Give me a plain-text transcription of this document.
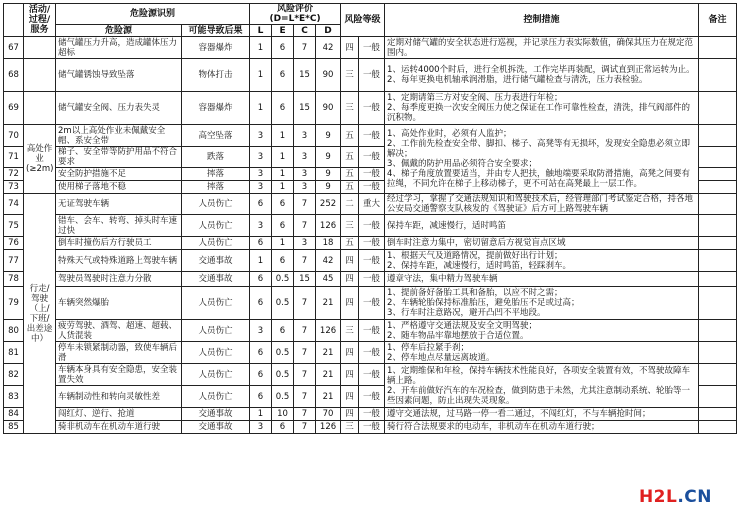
	活动/过程/服务	危险源识别		风险评价(D=L*E*C)				风险等级		控制措施	备注
		危险源	可能导致后果	L	E	C	D				
67		储气罐压力升高，造成罐体压力超标	容器爆炸	1	6	7	42	四	一般	定期对储气罐的安全状态进行巡视，并记录压力表实际数值，确保其压力在规定范围内。	
68		储气罐锈蚀导致坠落	物体打击	1	6	15	90	三	一般	1、运转4000个时后，进行全机拆洗，工作完毕再装配，调试直到正常运转为止。
2、每年更换电机轴承润滑脂，进行储气罐检查与清洗，压力表检验。	
69		储气罐安全阀、压力表失灵	容器爆炸	1	6	15	90	三	一般	1、定期请第三方对安全阀、压力表进行年检；
2、每季度更换一次安全阀压力使之保证在工作可靠性检查，清洗，排气阀部件的沉积物。	
70	高处作业(≥2m)	2m以上高处作业未佩戴安全帽、系安全带	高空坠落	3	1	3	9	五	一般	1、高处作业时，必须有人监护；
2、工作前先检查安全带、脚扣、梯子、高凳等有无损坏，发现安全隐患必须立即解决；
3、佩戴的防护用品必须符合安全要求；
4、梯子角度放置要适当，并由专人把扶，触地端要采取防滑措施，高凳之间要有拉绳，不同允许在梯子上移动梯子，更不可站在高凳最上一层工作。	
71		梯子、安全带等防护用品不符合要求	跌落	3	1	3	9	五	一般		
72		安全防护措施不足	摔落	3	1	3	9	五	一般		
73		使用梯子落地不稳	摔落	3	1	3	9	五	一般		
74	行走/驾驶（上/下班/出差途中）	无证驾驶车辆	人员伤亡	6	6	7	252	二	重大	经过学习，掌握了交通法规知识和驾驶技术后，经管理部门考试鉴定合格，持各地公安局交通警察支队核发的《驾驶证》后方可上路驾驶车辆	
75		错车、会车、转弯、掉头时车速过快	人员伤亡	3	6	7	126	三	一般	保持车距，减速慢行，适时鸣笛	
76		倒车时撞伤后方行驶员工	人员伤亡	6	1	3	18	五	一般	倒车时注意力集中，密切留意后方视觉盲点区域	
77		特殊天气或特殊道路上驾驶车辆	交通事故	1	6	7	42	四	一般	1、根据天气及道路情况，提前做好出行计划；
2、保持车距，减速慢行，适时鸣笛，轻踩刹车。	
78		驾驶员驾驶时注意力分散	交通事故	6	0.5	15	45	四	一般	遵章守法，集中精力驾驶车辆	
79		车辆突然爆胎	人员伤亡	6	0.5	7	21	四	一般	1、提前备好备胎工具和备胎，以应不时之需；
2、车辆轮胎保持标准胎压，避免胎压不足或过高；
3、行车时注意路况，避开凸凹不平地段。	
80		疲劳驾驶、酒驾、超速、超载、人货混装	人员伤亡	3	6	7	126	三	一般	1、严格遵守交通法规及安全文明驾驶；
2、随车物品牢靠地摆放于合适位置。	
81		停车未锁紧制动器，致使车辆后滑	人员伤亡	6	0.5	7	21	四	一般	1、停车后拉紧手刹；
2、停车地点尽量远离坡道。	
82		车辆本身具有安全隐患，安全装置失效	人员伤亡	6	0.5	7	21	四	一般	1、定期维保和年检，保持车辆技术性能良好，各项安全装置有效，不驾驶故障车辆上路。
2、开车前做好汽车的车况检查，做到防患于未然，尤其注意制动系统、轮胎等一些因素问题，防止出现失灵现象。	
83		车辆制动性和转向灵敏性差	人员伤亡	6	0.5	7	21	四	一般		
84		闯红灯、逆行、抢道	交通事故	1	10	7	70	四	一般	遵守交通法规，过马路一停一看二通过，不闯红灯，不与车辆抢时间；	
85		骑非机动车在机动车道行驶	交通事故	3	6	7	126	三	一般	骑行符合法规要求的电动车，非机动车在机动车道行驶；	
H2L.CN
